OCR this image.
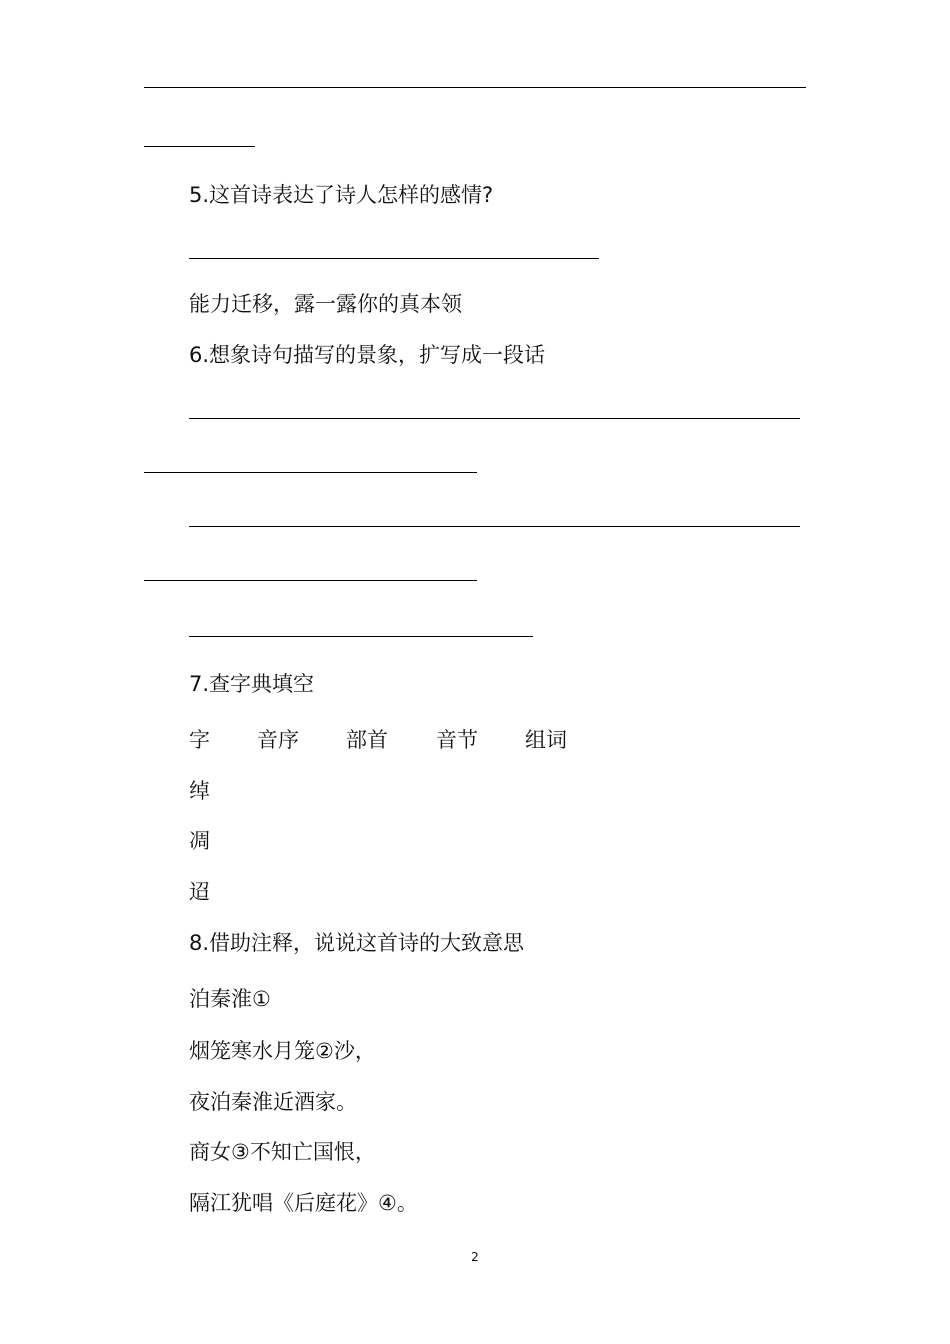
5.这首诗表达了诗人怎样的感情?
能力迁移，露一露你的真本领
6.想象诗句描写的景象，扩写成一段话
7.查字典填空
字 音序 部首 音节 组词
绰
凋
迢
8.借助注释，说说这首诗的大致意思
泊秦淮①
烟笼寒水月笼②沙，
夜泊秦淮近酒家。
商女③不知亡国恨，
隔江犹唱《后庭花》④。
2
